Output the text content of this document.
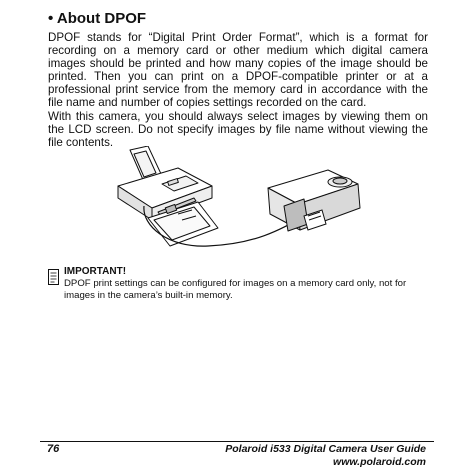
• About DPOF

DPOF stands for “Digital Print Order Format”, which is a format for recording on a memory card or other medium which digital camera images should be printed and how many copies of the image should be printed. Then you can print on a DPOF-compatible printer or at a professional print service from the memory card in accordance with the file name and number of copies settings recorded on the card.

With this camera, you should always select images by viewing them on the LCD screen. Do not specify images by file name without viewing the file contents.

IMPORTANT!

DPOF print settings can be configured for images on a memory card only, not for images in the camera’s built-in memory.

76	Polaroid i533 Digital Camera User Guide
www.polaroid.com
